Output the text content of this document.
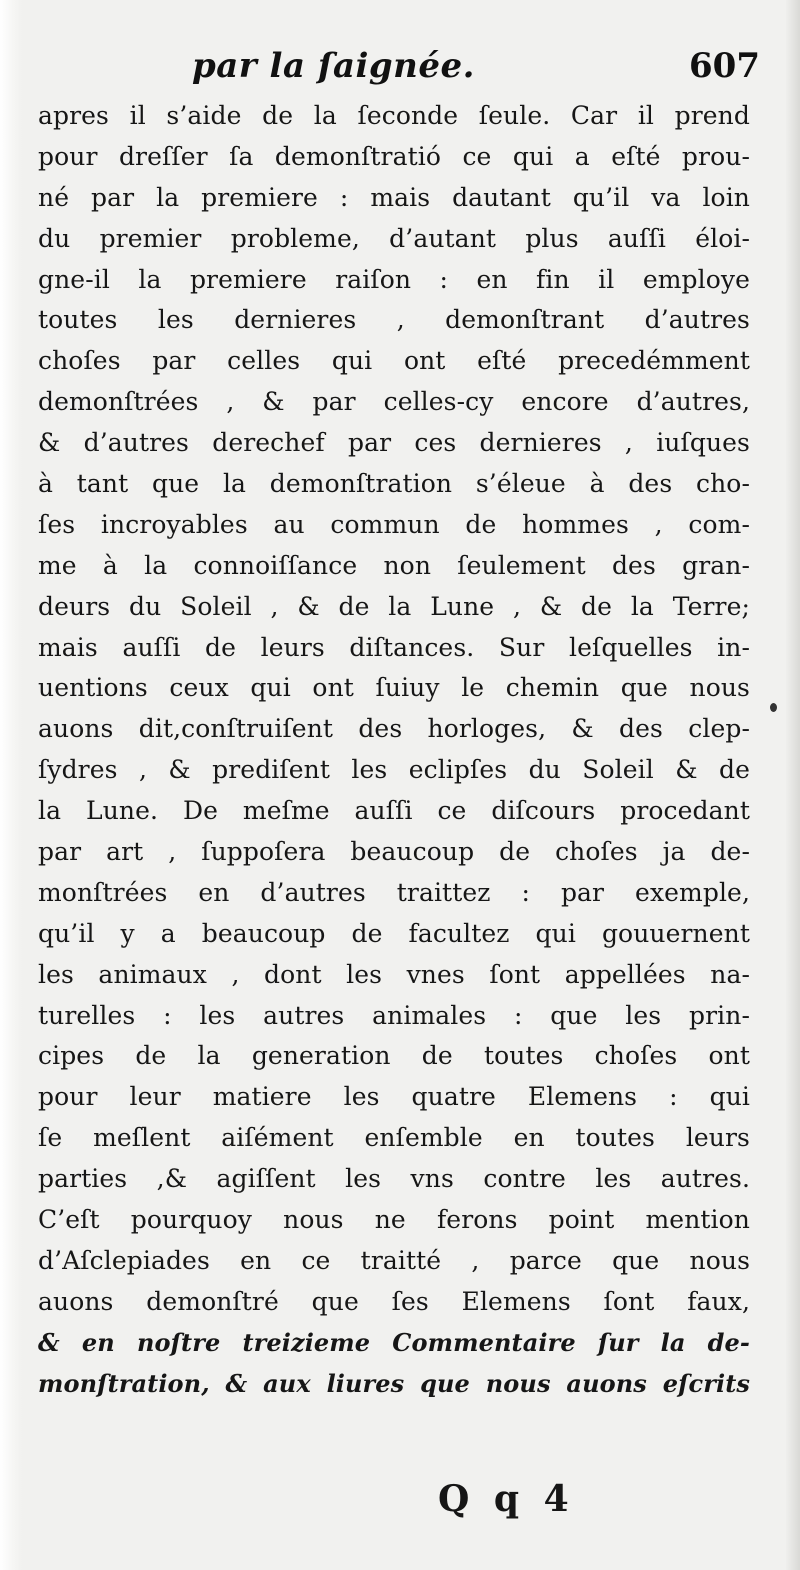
par la ſaignée.	607
apres il s’aide de la ſeconde ſeule. Car il prend
pour dreſſer ſa demonſtratió ce qui a eſté prou-
né par la premiere : mais dautant qu’il va loin
du premier probleme, d’autant plus auſſi éloi-
gne-il la premiere raiſon : en fin il employe
toutes les dernieres , demonſtrant d’autres
choſes par celles qui ont eſté precedémment
demonſtrées , & par celles-cy encore d’autres,
& d’autres derechef par ces dernieres , iuſques
à tant que la demonſtration s’éleue à des cho-
ſes incroyables au commun de hommes , com-
me à la connoiſſance non ſeulement des gran-
deurs du Soleil , & de la Lune , & de la Terre;
mais auſſi de leurs diſtances. Sur leſquelles in-
uentions ceux qui ont ſuiuy le chemin que nous
auons dit,conſtruiſent des horloges, & des clep-
ſydres , & prediſent les eclipſes du Soleil & de
la Lune. De meſme auſſi ce diſcours procedant
par art , ſuppoſera beaucoup de choſes ja de-
monſtrées en d’autres traittez : par exemple,
qu’il y a beaucoup de facultez qui gouuernent
les animaux , dont les vnes ſont appellées na-
turelles : les autres animales : que les prin-
cipes de la generation de toutes choſes ont
pour leur matiere les quatre Elemens : qui
ſe meſlent aiſément enſemble en toutes leurs
parties ,& agiſſent les vns contre les autres.
C’eſt pourquoy nous ne ferons point mention
d’Aſclepiades en ce traitté , parce que nous
auons demonſtré que ſes Elemens ſont faux,
& en noſtre treizieme Commentaire ſur la de-
monſtration, & aux liures que nous auons eſcrits
Q q 4
